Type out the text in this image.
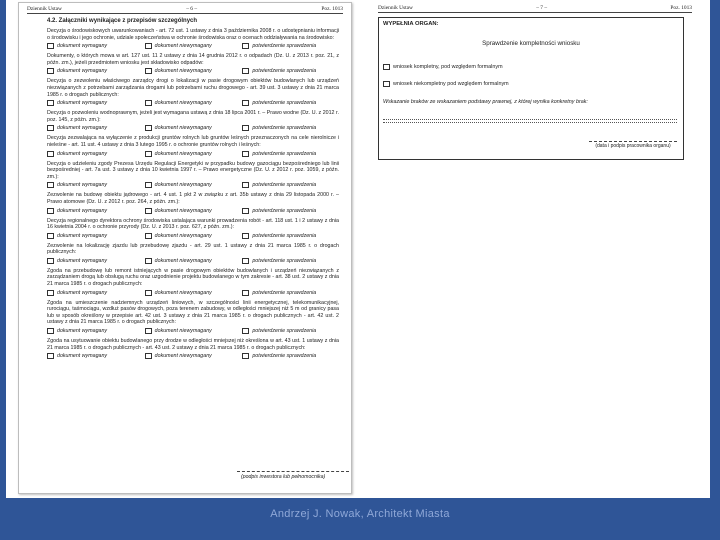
Dziennik Ustaw	– 6 –	Poz. 1013
4.2. Załączniki wynikające z przepisów szczególnych
Decyzja o środowiskowych uwarunkowaniach - art. 72 ust. 1 ustawy z dnia 3 października 2008 r. o udostępnianiu informacji o środowisku i jego ochronie, udziale społeczeństwa w ochronie środowiska oraz o ocenach oddziaływania na środowisko:
dokument wymagany	dokument niewymagany	potwierdzenie sprawdzenia
Dokumenty, o których mowa w art. 127 ust. 11 2 ustawy z dnia 14 grudnia 2012 r. o odpadach (Dz. U. z 2013 r. poz. 21, z późn. zm.), jeżeli przedmiotem wniosku jest składowisko odpadów:
dokument wymagany	dokument niewymagany	potwierdzenie sprawdzenia
Decyzja o zezwoleniu właściwego zarządcy drogi o lokalizacji w pasie drogowym obiektów budowlanych lub urządzeń niezwiązanych z potrzebami zarządzania drogami lub potrzebami ruchu drogowego - art. 39 ust. 3 ustawy z dnia 21 marca 1985 r. o drogach publicznych:
dokument wymagany	dokument niewymagany	potwierdzenie sprawdzenia
Decyzja o pozwoleniu wodnoprawnym, jeżeli jest wymagana ustawą z dnia 18 lipca 2001 r. – Prawo wodne (Dz. U. z 2012 r. poz. 145, z późn. zm.):
dokument wymagany	dokument niewymagany	potwierdzenie sprawdzenia
Decyzja zezwalająca na wyłączenie z produkcji gruntów rolnych lub gruntów leśnych przeznaczonych na cele nierolnicze i nieleśne - art. 11 ust. 4 ustawy z dnia 3 lutego 1995 r. o ochronie gruntów rolnych i leśnych:
dokument wymagany	dokument niewymagany	potwierdzenie sprawdzenia
Decyzja o udzieleniu zgody Prezesa Urzędu Regulacji Energetyki w przypadku budowy gazociągu bezpośredniego lub linii bezpośredniej - art. 7a ust. 3 ustawy z dnia 10 kwietnia 1997 r. – Prawo energetyczne (Dz. U. z 2012 r. poz. 1059, z późn. zm.):
dokument wymagany	dokument niewymagany	potwierdzenie sprawdzenia
Zezwolenie na budowę obiektu jądrowego - art. 4 ust. 1 pkt 2 w związku z art. 35b ustawy z dnia 29 listopada 2000 r. – Prawo atomowe (Dz. U. z 2012 r. poz. 264, z późn. zm.):
dokument wymagany	dokument niewymagany	potwierdzenie sprawdzenia
Decyzja regionalnego dyrektora ochrony środowiska ustalająca warunki prowadzenia robót - art. 118 ust. 1 i 2 ustawy z dnia 16 kwietnia 2004 r. o ochronie przyrody (Dz. U. z 2013 r. poz. 627, z późn. zm.):
dokument wymagany	dokument niewymagany	potwierdzenie sprawdzenia
Zezwolenie na lokalizację zjazdu lub przebudowę zjazdu - art. 29 ust. 1 ustawy z dnia 21 marca 1985 r. o drogach publicznych:
dokument wymagany	dokument niewymagany	potwierdzenie sprawdzenia
Zgoda na przebudowę lub remont istniejących w pasie drogowym obiektów budowlanych i urządzeń niezwiązanych z zarządzaniem drogą lub obsługą ruchu oraz uzgodnienie projektu budowlanego w tym zakresie - art. 38 ust. 2 ustawy z dnia 21 marca 1985 r. o drogach publicznych:
dokument wymagany	dokument niewymagany	potwierdzenie sprawdzenia
Zgoda na umieszczenie nadziemnych urządzeń liniowych, w szczególności linii energetycznej, telekomunikacyjnej, rurociągu, taśmociągu, wzdłuż pasów drogowych, poza terenem zabudowy, w odległości mniejszej niż 5 m od granicy pasa lub w sposób określony w przepisie art. 42 ust. 3 ustawy z dnia 21 marca 1985 r. o drogach publicznych - art. 42 ust. 2 ustawy z dnia 21 marca 1985 r. o drogach publicznych:
dokument wymagany	dokument niewymagany	potwierdzenie sprawdzenia
Zgoda na usytuowanie obiektu budowlanego przy drodze w odległości mniejszej niż określona w art. 43 ust. 1 ustawy z dnia 21 marca 1985 r. o drogach publicznych - art. 43 ust. 2 ustawy z dnia 21 marca 1985 r. o drogach publicznych:
dokument wymagany	dokument niewymagany	potwierdzenie sprawdzenia
(podpis inwestora lub pełnomocnika)
Dziennik Ustaw	– 7 –	Poz. 1013
WYPEŁNIA ORGAN:
Sprawdzenie kompletności wniosku
wniosek kompletny, pod względem formalnym
wniosek niekompletny pod względem formalnym
Wskazanie braków ze wskazaniem podstawy prawnej, z której wynika konkretny brak:
(data i podpis pracownika organu)
Andrzej J. Nowak, Architekt Miasta
